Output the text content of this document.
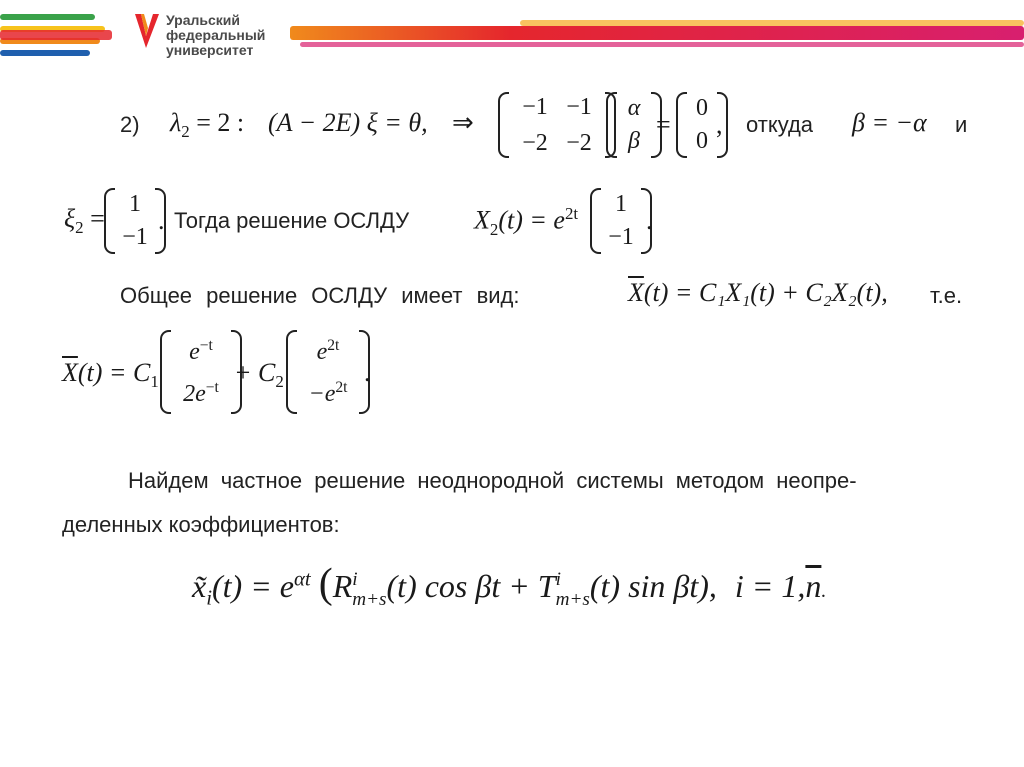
Уральский
федеральный
университет
2) $\lambda_2 = 2$ : (A − 2E) ξ = θ, ⇒
−1 −1
−2 −2
α
β
=
0
0
, откуда β = −α и
$\xi_2 = 1$
−1
. Тогда решение ОСЛДУ $X_2(t) = e^{2t}$ 1
−1
.
Общее решение ОСЛДУ имеет вид:	$\overline{X}(t) = C_1X_1(t) + C_2X_2(t)$, т.е.
$\overline{X}(t) = C_1$
$e^{-t}$
$2e^{-t} + C_2$
$e^{2t}$
$-e^{2t}$ .
Найдем частное решение неоднородной системы методом неопре-
деленных коэффициентов:
$x̃_i(t) = e^{\alpha t}$ (R i
m+s (t) cos βt + T i
m+s (t) sin βt), $i = 1,\overline{n}$.
